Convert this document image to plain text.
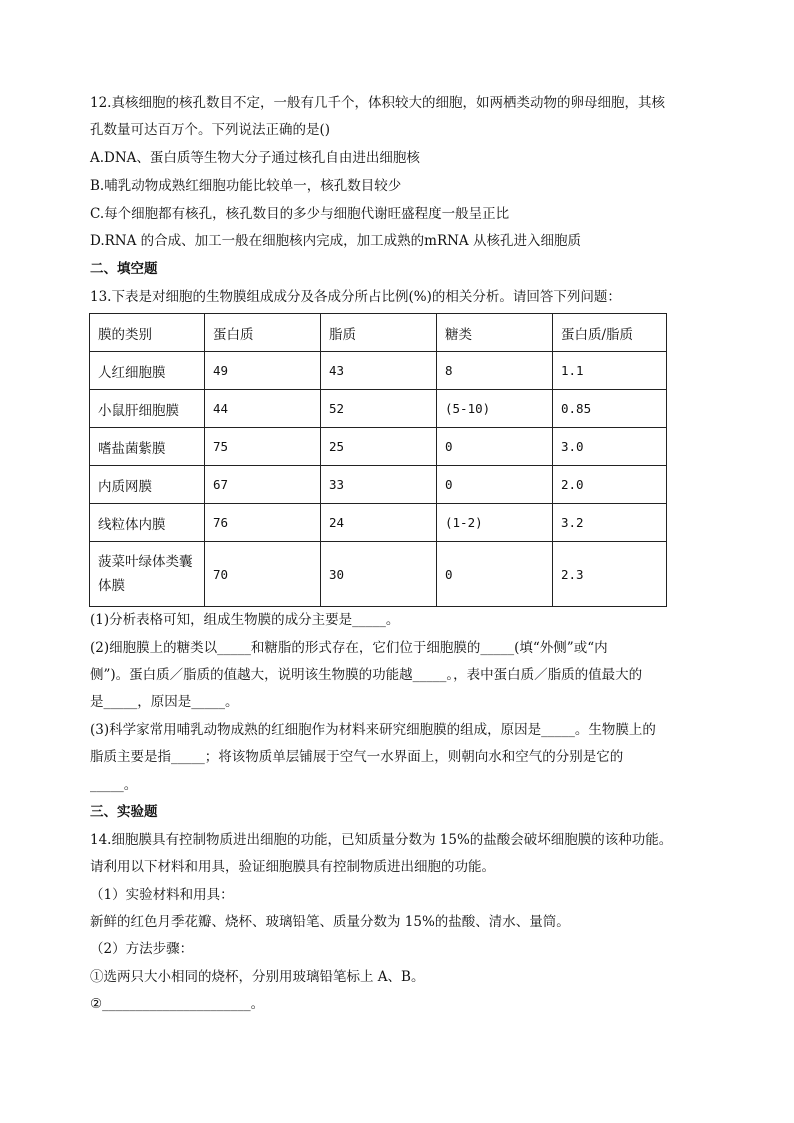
12.真核细胞的核孔数目不定，一般有几千个，体积较大的细胞，如两栖类动物的卵母细胞，其核
孔数量可达百万个。下列说法正确的是()
A.DNA、蛋白质等生物大分子通过核孔自由进出细胞核
B.哺乳动物成熟红细胞功能比较单一，核孔数目较少
C.每个细胞都有核孔，核孔数目的多少与细胞代谢旺盛程度一般呈正比
D.RNA 的合成、加工一般在细胞核内完成，加工成熟的mRNA 从核孔进入细胞质
二、填空题
13.下表是对细胞的生物膜组成成分及各成分所占比例(%)的相关分析。请回答下列问题：
膜的类别	蛋白质	脂质	糖类	蛋白质/脂质
人红细胞膜	49	43	8	1.1
小鼠肝细胞膜	44	52	(5-10)	0.85
嗜盐菌紫膜	75	25	0	3.0
内质网膜	67	33	0	2.0
线粒体内膜	76	24	(1-2)	3.2

菠菜叶绿体类囊
体膜	70	30	0	2.3
(1)分析表格可知，组成生物膜的成分主要是_____。
(2)细胞膜上的糖类以_____和糖脂的形式存在，它们位于细胞膜的_____(填“外侧”或“内
侧”)。蛋白质／脂质的值越大，说明该生物膜的功能越_____。，表中蛋白质／脂质的值最大的
是_____，原因是_____。
(3)科学家常用哺乳动物成熟的红细胞作为材料来研究细胞膜的组成，原因是_____。生物膜上的
脂质主要是指_____；将该物质单层铺展于空气一水界面上，则朝向水和空气的分别是它的
_____。
三、实验题
14.细胞膜具有控制物质进出细胞的功能，已知质量分数为 15%的盐酸会破坏细胞膜的该种功能。
请利用以下材料和用具，验证细胞膜具有控制物质进出细胞的功能。
（1）实验材料和用具：
新鲜的红色月季花瓣、烧杯、玻璃铅笔、质量分数为 15%的盐酸、清水、量筒。
（2）方法步骤：
①选两只大小相同的烧杯，分别用玻璃铅笔标上 A、B。
②______________________。
